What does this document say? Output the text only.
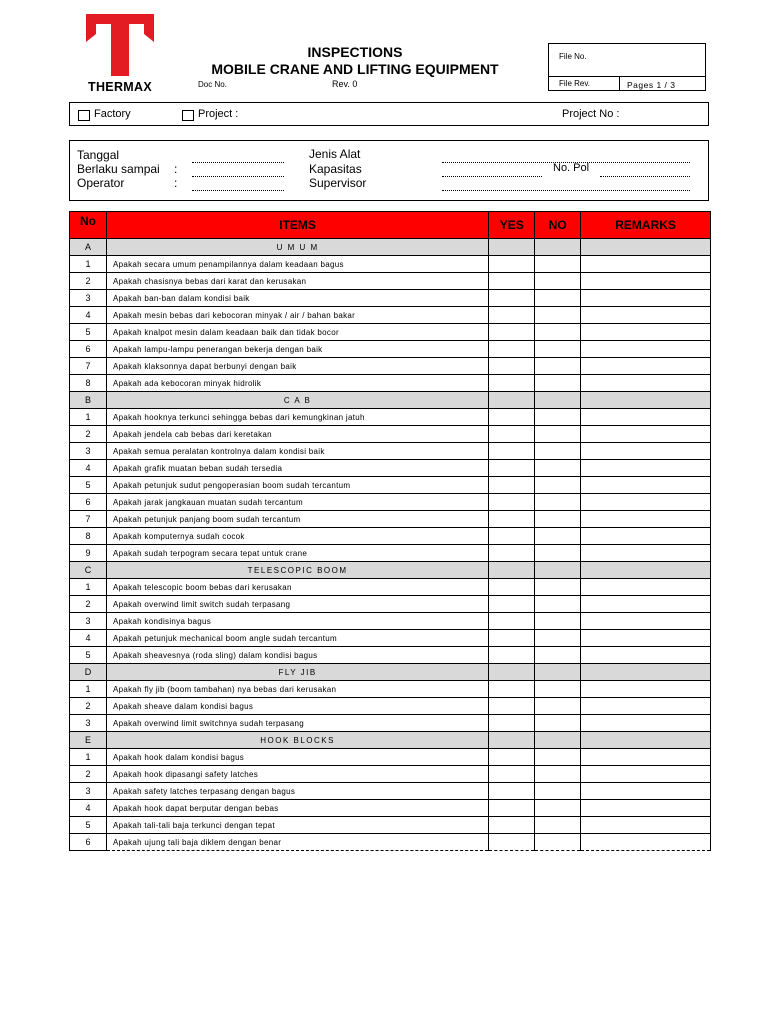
THERMAX
INSPECTIONS
MOBILE CRANE AND LIFTING EQUIPMENT
Doc No.	Rev. 0
File No.
File Rev.	Pages 1 / 3
Factory	Project :	Project No :
Tanggal
Berlaku sampai :
Operator	:
Jenis Alat
Kapasitas	No. Pol
Supervisor
No	ITEMS	YES	NO	REMARKS
A	U M U M			
1	Apakah secara umum penampilannya dalam keadaan bagus			
2	Apakah chasisnya bebas dari karat dan kerusakan			
3	Apakah ban-ban dalam kondisi baik			
4	Apakah mesin bebas dari kebocoran minyak / air / bahan bakar			
5	Apakah knalpot mesin dalam keadaan baik dan tidak bocor			
6	Apakah lampu-lampu penerangan bekerja dengan baik			
7	Apakah klaksonnya dapat berbunyi dengan baik			
8	Apakah ada kebocoran minyak hidrolik			
B	C A B			
1	Apakah hooknya terkunci sehingga bebas dari kemungkinan jatuh			
2	Apakah jendela cab bebas dari keretakan			
3	Apakah semua peralatan kontrolnya dalam kondisi baik			
4	Apakah grafik muatan beban sudah tersedia			
5	Apakah petunjuk sudut pengoperasian boom sudah tercantum			
6	Apakah jarak jangkauan muatan sudah tercantum			
7	Apakah petunjuk panjang boom sudah tercantum			
8	Apakah komputernya sudah cocok			
9	Apakah sudah terpogram secara tepat untuk crane			
C	TELESCOPIC BOOM			
1	Apakah telescopic boom bebas dari kerusakan			
2	Apakah overwind limit switch sudah terpasang			
3	Apakah kondisinya bagus			
4	Apakah petunjuk mechanical boom angle sudah tercantum			
5	Apakah sheavesnya (roda sling) dalam kondisi bagus			
D	FLY JIB			
1	Apakah fly jib (boom tambahan) nya bebas dari kerusakan			
2	Apakah sheave dalam kondisi bagus			
3	Apakah overwind limit switchnya sudah terpasang			
E	HOOK BLOCKS			
1	Apakah hook dalam kondisi bagus			
2	Apakah hook dipasangi safety latches			
3	Apakah safety latches terpasang dengan bagus			
4	Apakah hook dapat berputar dengan bebas			
5	Apakah tali-tali baja terkunci dengan tepat			
6	Apakah ujung tali baja diklem dengan benar			
